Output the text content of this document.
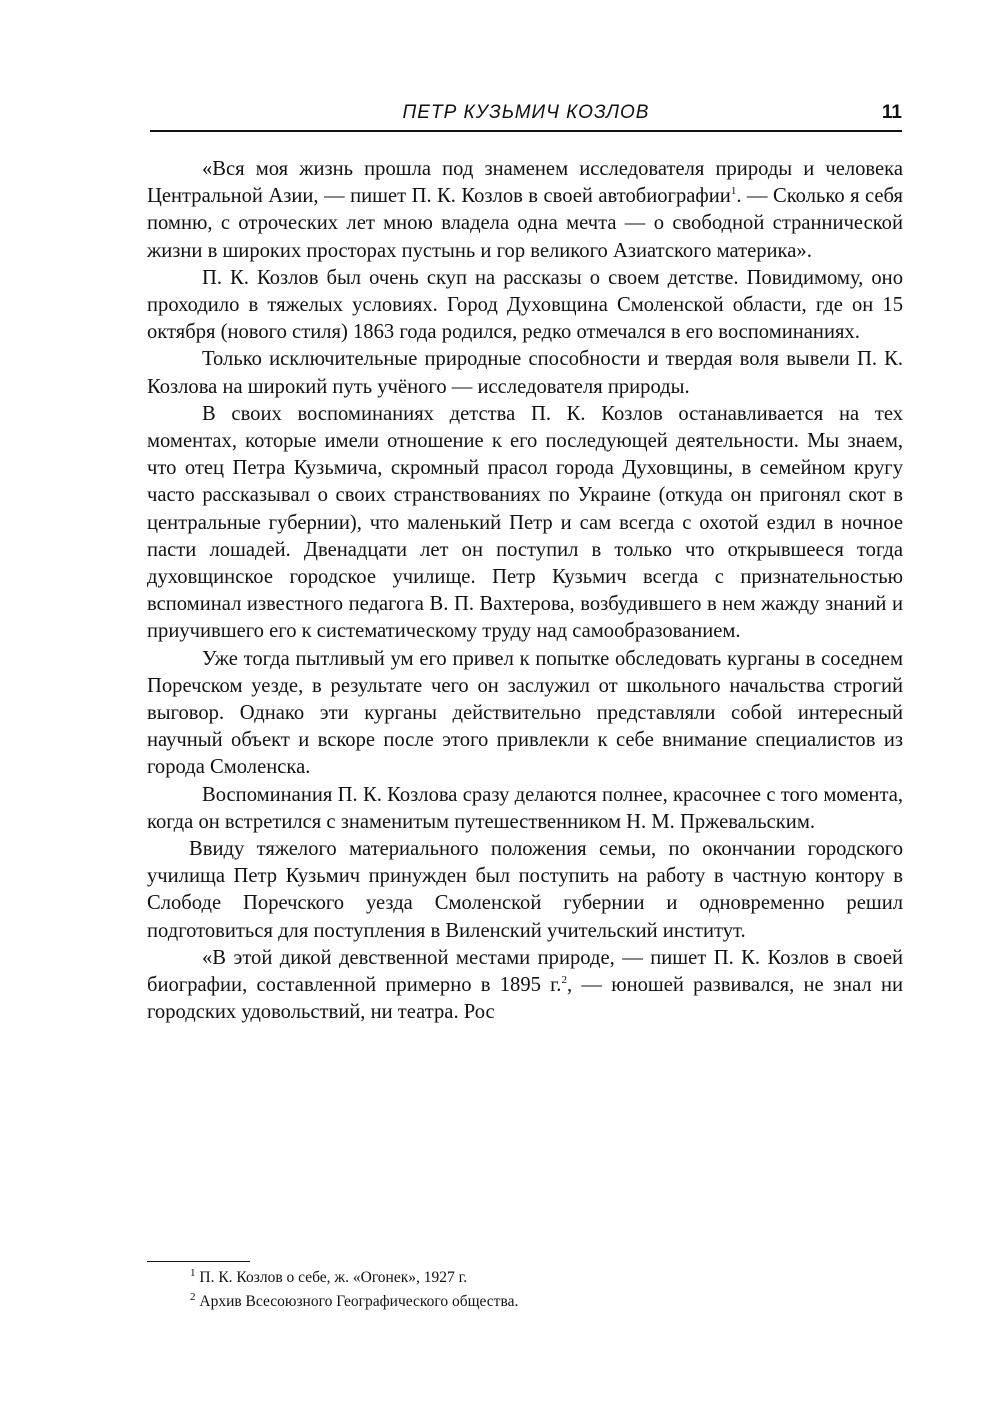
ПЕТР КУЗЬМИЧ КОЗЛОВ	11

«Вся моя жизнь прошла под знаменем исследователя природы и человека Центральной Азии, — пишет П. К. Козлов в своей автобиографии$^1$. — Сколько я себя помню, с отроческих лет мною владела одна мечта — о свободной страннической жизни в широких просторах пустынь и гор великого Азиатского материка».

П. К. Козлов был очень скуп на рассказы о своем детстве. Повидимому, оно проходило в тяжелых условиях. Город Духовщина Смоленской области, где он 15 октября (нового стиля) 1863 года родился, редко отмечался в его воспоминаниях.

Только исключительные природные способности и твердая воля вывели П. К. Козлова на широкий путь учёного — исследователя природы.

В своих воспоминаниях детства П. К. Козлов останавливается на тех моментах, которые имели отношение к его последующей деятельности. Мы знаем, что отец Петра Кузьмича, скромный прасол города Духовщины, в семейном кругу часто рассказывал о своих странствованиях по Украине (откуда он пригонял скот в центральные губернии), что маленький Петр и сам всегда с охотой ездил в ночное пасти лошадей. Двенадцати лет он поступил в только что открывшееся тогда духовщинское городское училище. Петр Кузьмич всегда с признательностью вспоминал известного педагога В. П. Вахтерова, возбудившего в нем жажду знаний и приучившего его к систематическому труду над самообразованием.

Уже тогда пытливый ум его привел к попытке обследовать курганы в соседнем Поречском уезде, в результате чего он заслужил от школьного начальства строгий выговор. Однако эти курганы действительно представляли собой интересный научный объект и вскоре после этого привлекли к себе внимание специалистов из города Смоленска.

Воспоминания П. К. Козлова сразу делаются полнее, красочнее с того момента, когда он встретился с знаменитым путешественником Н. М. Пржевальским.

Ввиду тяжелого материального положения семьи, по окончании городского училища Петр Кузьмич принужден был поступить на работу в частную контору в Слободе Поречского уезда Смоленской губернии и одновременно решил подготовиться для поступления в Виленский учительский институт.

«В этой дикой девственной местами природе, — пишет П. К. Козлов в своей биографии, составленной примерно в 1895 г.$^2$, — юношей развивался, не знал ни городских удовольствий, ни театра. Рос

$^1$ П. К. Козлов о себе, ж. «Огонек», 1927 г.
$^2$ Архив Всесоюзного Географического общества.
